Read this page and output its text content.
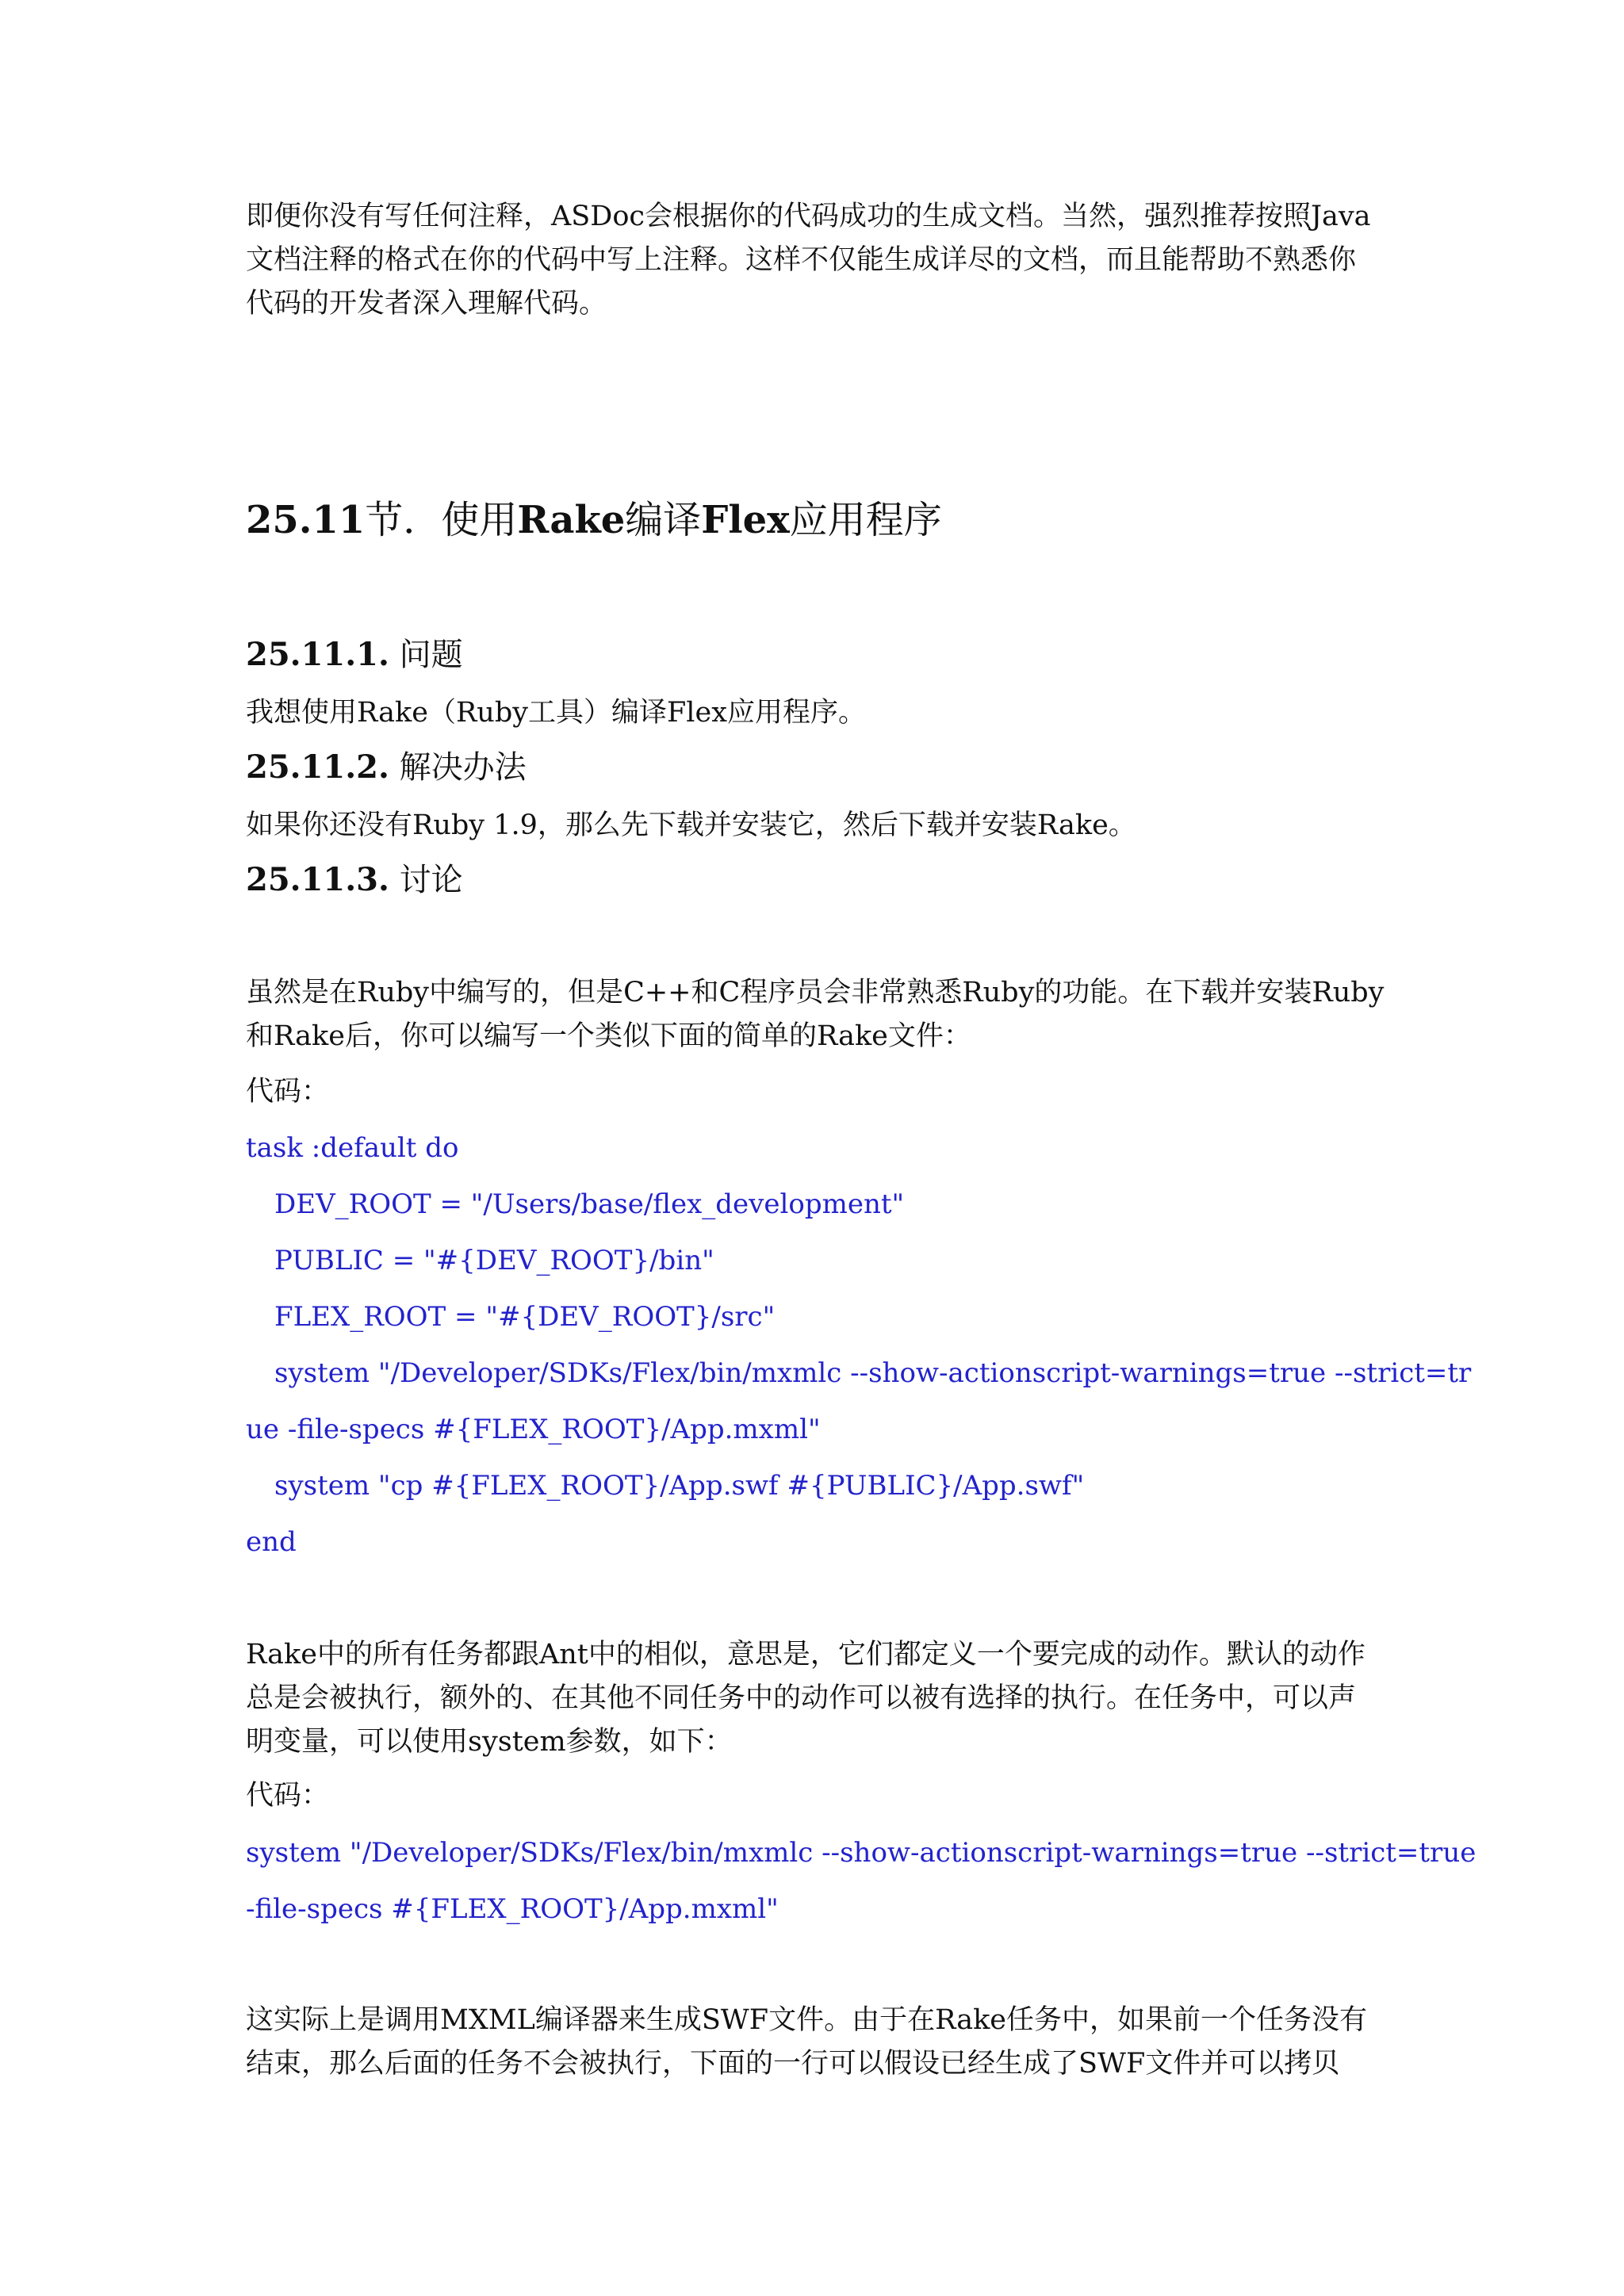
即便你没有写任何注释，ASDoc会根据你的代码成功的生成文档。当然，强烈推荐按照Java
文档注释的格式在你的代码中写上注释。这样不仅能生成详尽的文档，而且能帮助不熟悉你
代码的开发者深入理解代码。

25.11节．使用Rake编译Flex应用程序
25.11.1. 问题

我想使用Rake（Ruby工具）编译Flex应用程序。

25.11.2. 解决办法

如果你还没有Ruby 1.9，那么先下载并安装它，然后下载并安装Rake。

25.11.3. 讨论

虽然是在Ruby中编写的，但是C++和C程序员会非常熟悉Ruby的功能。在下载并安装Ruby
和Rake后，你可以编写一个类似下面的简单的Rake文件：

代码：

task :default do

DEV_ROOT = "/Users/base/flex_development"

PUBLIC = "#{DEV_ROOT}/bin"

FLEX_ROOT = "#{DEV_ROOT}/src"

system "/Developer/SDKs/Flex/bin/mxmlc --show-actionscript-warnings=true --strict=tr

ue -file-specs #{FLEX_ROOT}/App.mxml"

system "cp #{FLEX_ROOT}/App.swf #{PUBLIC}/App.swf"

end

Rake中的所有任务都跟Ant中的相似，意思是，它们都定义一个要完成的动作。默认的动作
总是会被执行，额外的、在其他不同任务中的动作可以被有选择的执行。在任务中，可以声
明变量，可以使用system参数，如下：

代码：

system "/Developer/SDKs/Flex/bin/mxmlc --show-actionscript-warnings=true --strict=true

-file-specs #{FLEX_ROOT}/App.mxml"

这实际上是调用MXML编译器来生成SWF文件。由于在Rake任务中，如果前一个任务没有
结束，那么后面的任务不会被执行，下面的一行可以假设已经生成了SWF文件并可以拷贝
